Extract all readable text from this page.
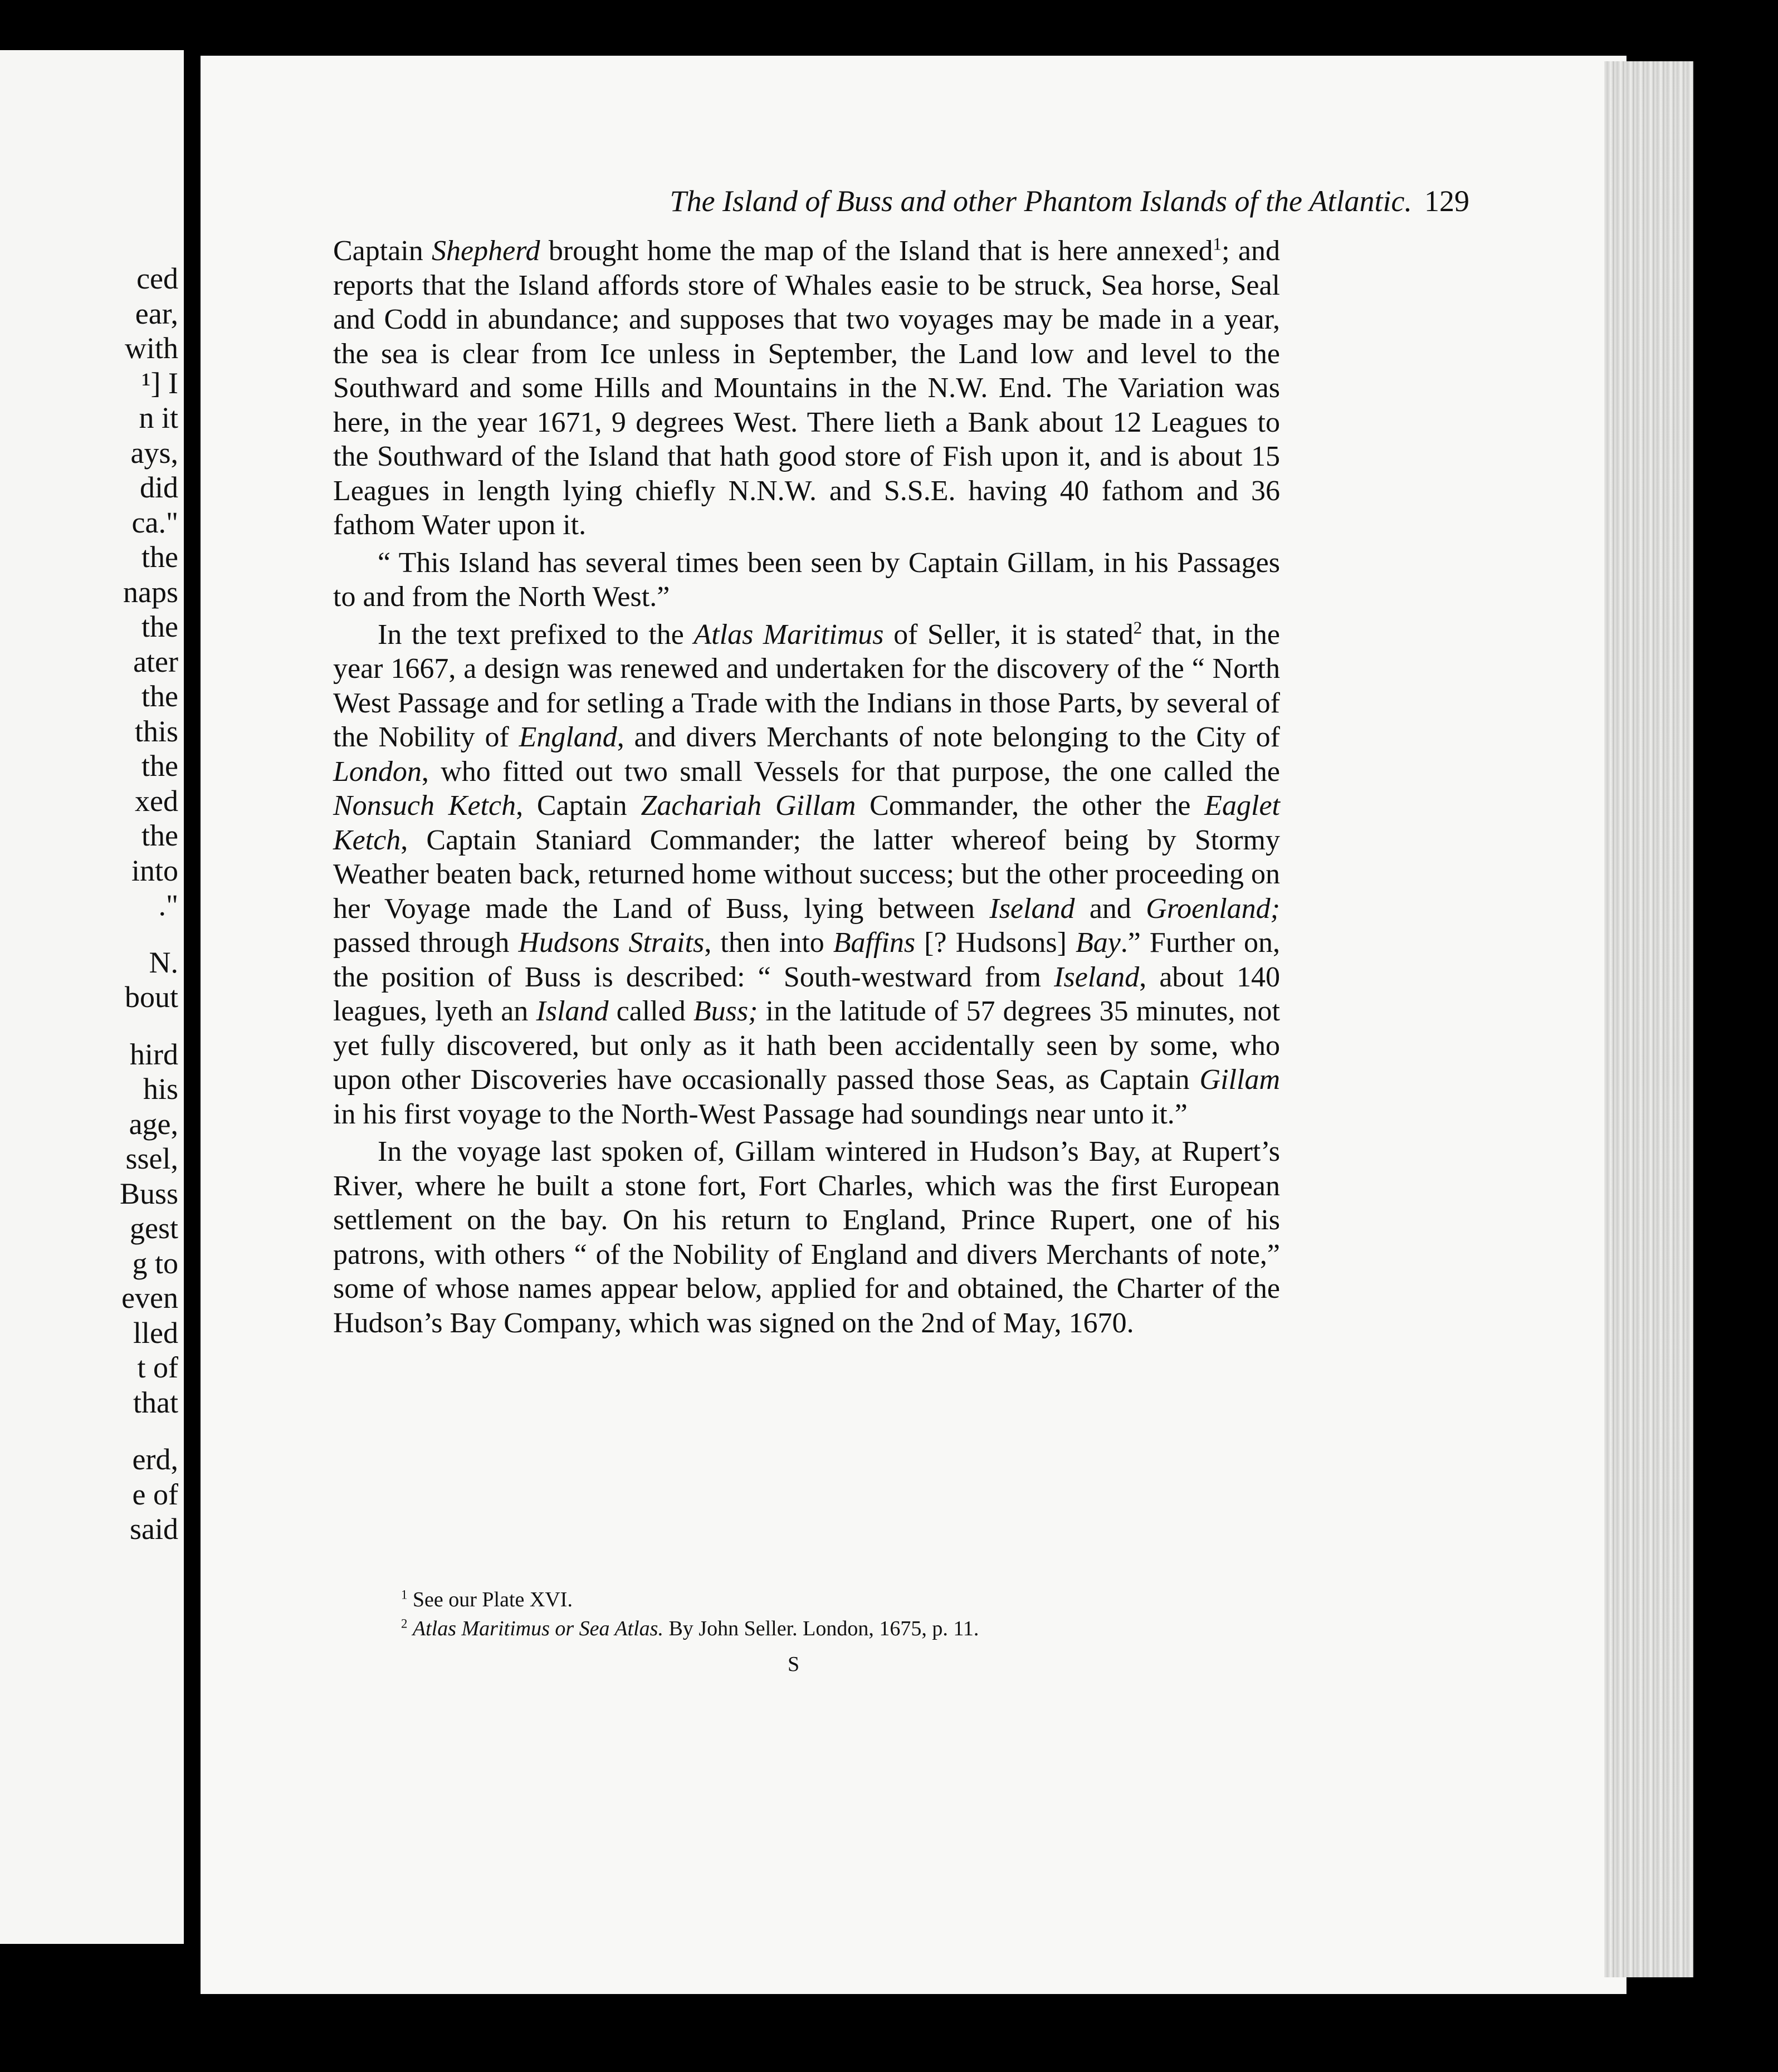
ced
ear,
with
¹] I
n it
ays,
did
ca."
the
naps
the
ater
the
this
the
xed
the
into
."
N.
bout
hird
his
age,
ssel,
Buss
gest
g to
even
lled
t of
that
erd,
e of
said
The Island of Buss and other Phantom Islands of the Atlantic. 129

Captain Shepherd brought home the map of the Island that is here annexed$^1$; and reports that the Island affords store of Whales easie to be struck, Sea horse, Seal and Codd in abundance; and supposes that two voyages may be made in a year, the sea is clear from Ice unless in September, the Land low and level to the Southward and some Hills and Mountains in the N.W. End. The Variation was here, in the year 1671, 9 degrees West. There lieth a Bank about 12 Leagues to the Southward of the Island that hath good store of Fish upon it, and is about 15 Leagues in length lying chiefly N.N.W. and S.S.E. having 40 fathom and 36 fathom Water upon it.

“ This Island has several times been seen by Captain Gillam, in his Passages to and from the North West.”

In the text prefixed to the Atlas Maritimus of Seller, it is stated$^2$ that, in the year 1667, a design was renewed and undertaken for the discovery of the “ North West Passage and for setling a Trade with the Indians in those Parts, by several of the Nobility of England, and divers Merchants of note belonging to the City of London, who fitted out two small Vessels for that purpose, the one called the Nonsuch Ketch, Captain Zachariah Gillam Commander, the other the Eaglet Ketch, Captain Staniard Commander; the latter whereof being by Stormy Weather beaten back, returned home without success; but the other proceeding on her Voyage made the Land of Buss, lying between Iseland and Groenland; passed through Hudsons Straits, then into Baffins [? Hudsons] Bay.” Further on, the position of Buss is described: “ South-westward from Iseland, about 140 leagues, lyeth an Island called Buss; in the latitude of 57 degrees 35 minutes, not yet fully discovered, but only as it hath been accidentally seen by some, who upon other Discoveries have occasionally passed those Seas, as Captain Gillam in his first voyage to the North-West Passage had soundings near unto it.”

In the voyage last spoken of, Gillam wintered in Hudson’s Bay, at Rupert’s River, where he built a stone fort, Fort Charles, which was the first European settlement on the bay. On his return to England, Prince Rupert, one of his patrons, with others “ of the Nobility of England and divers Merchants of note,” some of whose names appear below, applied for and obtained, the Charter of the Hudson’s Bay Company, which was signed on the 2nd of May, 1670.

$^1$ See our Plate XVI.

$^2$ Atlas Maritimus or Sea Atlas. By John Seller. London, 1675, p. 11.

S
